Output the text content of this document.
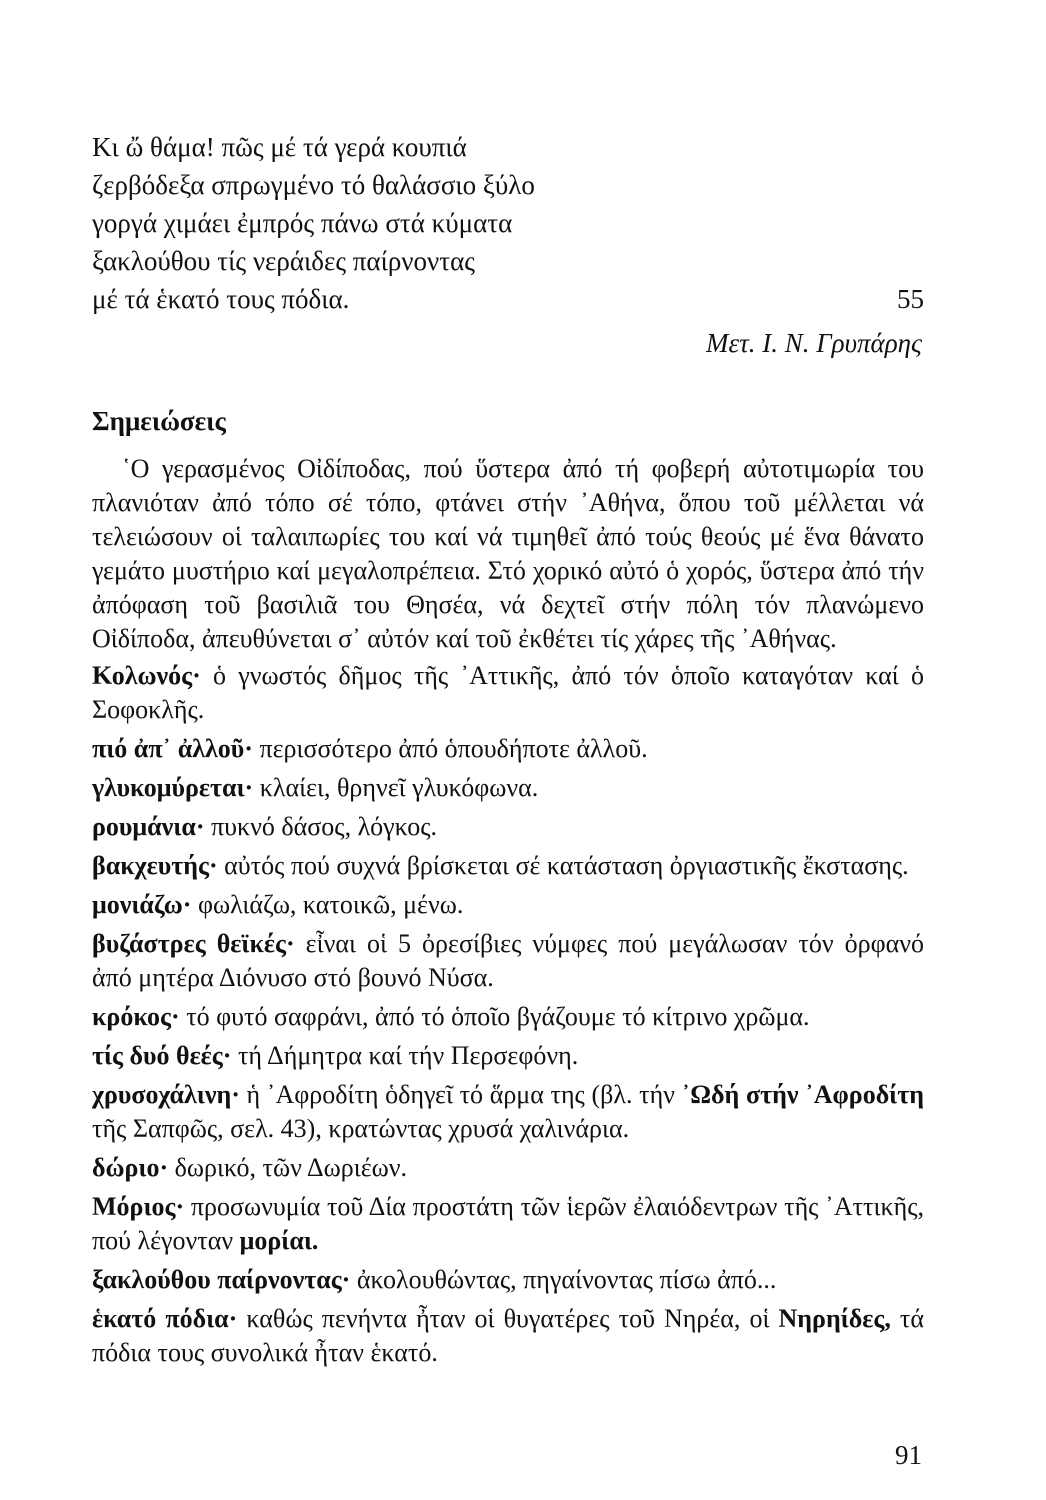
Κι ὤ θάμα! πῶς μέ τά γερά κουπιά
ζερβόδεξα σπρωγμένο τό θαλάσσιο ξύλο
γοργά χιμάει ἐμπρός πάνω στά κύματα
ξακλούθου τίς νεράιδες παίρνοντας
μέ τά ἑκατό τους πόδια.	55
Μετ. Ι. Ν. Γρυπάρης
Σημειώσεις

῾Ο γερασμένος Οἰδίποδας, πού ὕστερα ἀπό τή φοβερή αὐτοτιμωρία του πλανιόταν ἀπό τόπο σέ τόπο, φτάνει στήν ᾿Αθήνα, ὅπου τοῦ μέλλεται νά τελειώσουν οἱ ταλαιπωρίες του καί νά τιμηθεῖ ἀπό τούς θεούς μέ ἕνα θάνατο γεμάτο μυστήριο καί μεγαλοπρέπεια. Στό χορικό αὐτό ὁ χορός, ὕστερα ἀπό τήν ἀπόφαση τοῦ βασιλιᾶ του Θησέα, νά δεχτεῖ στήν πόλη τόν πλανώμενο Οἰδίποδα, ἀπευθύνεται σ᾿ αὐτόν καί τοῦ ἐκθέτει τίς χάρες τῆς ᾿Αθήνας.

Κολωνός· ὁ γνωστός δῆμος τῆς ᾿Αττικῆς, ἀπό τόν ὁποῖο καταγόταν καί ὁ Σοφοκλῆς.

πιό ἀπ᾿ ἀλλοῦ· περισσότερο ἀπό ὁπουδήποτε ἀλλοῦ.

γλυκομύρεται· κλαίει, θρηνεῖ γλυκόφωνα.

ρουμάνια· πυκνό δάσος, λόγκος.

βακχευτής· αὐτός πού συχνά βρίσκεται σέ κατάσταση ὀργιαστικῆς ἔκστασης.

μονιάζω· φωλιάζω, κατοικῶ, μένω.

βυζάστρες θεϊκές· εἶναι οἱ 5 ὀρεσίβιες νύμφες πού μεγάλωσαν τόν ὀρφανό ἀπό μητέρα Διόνυσο στό βουνό Νύσα.

κρόκος· τό φυτό σαφράνι, ἀπό τό ὁποῖο βγάζουμε τό κίτρινο χρῶμα.

τίς δυό θεές· τή Δήμητρα καί τήν Περσεφόνη.

χρυσοχάλινη· ἡ ᾿Αφροδίτη ὁδηγεῖ τό ἅρμα της (βλ. τήν ᾿Ωδή στήν ᾿Αφροδίτη τῆς Σαπφῶς, σελ. 43), κρατώντας χρυσά χαλινάρια.

δώριο· δωρικό, τῶν Δωριέων.

Μόριος· προσωνυμία τοῦ Δία προστάτη τῶν ἱερῶν ἐλαιόδεντρων τῆς ᾿Αττικῆς, πού λέγονταν μορίαι.

ξακλούθου παίρνοντας· ἀκολουθώντας, πηγαίνοντας πίσω ἀπό...

ἑκατό πόδια· καθώς πενήντα ἦταν οἱ θυγατέρες τοῦ Νηρέα, οἱ Νηρηίδες, τά πόδια τους συνολικά ἦταν ἑκατό.

91
